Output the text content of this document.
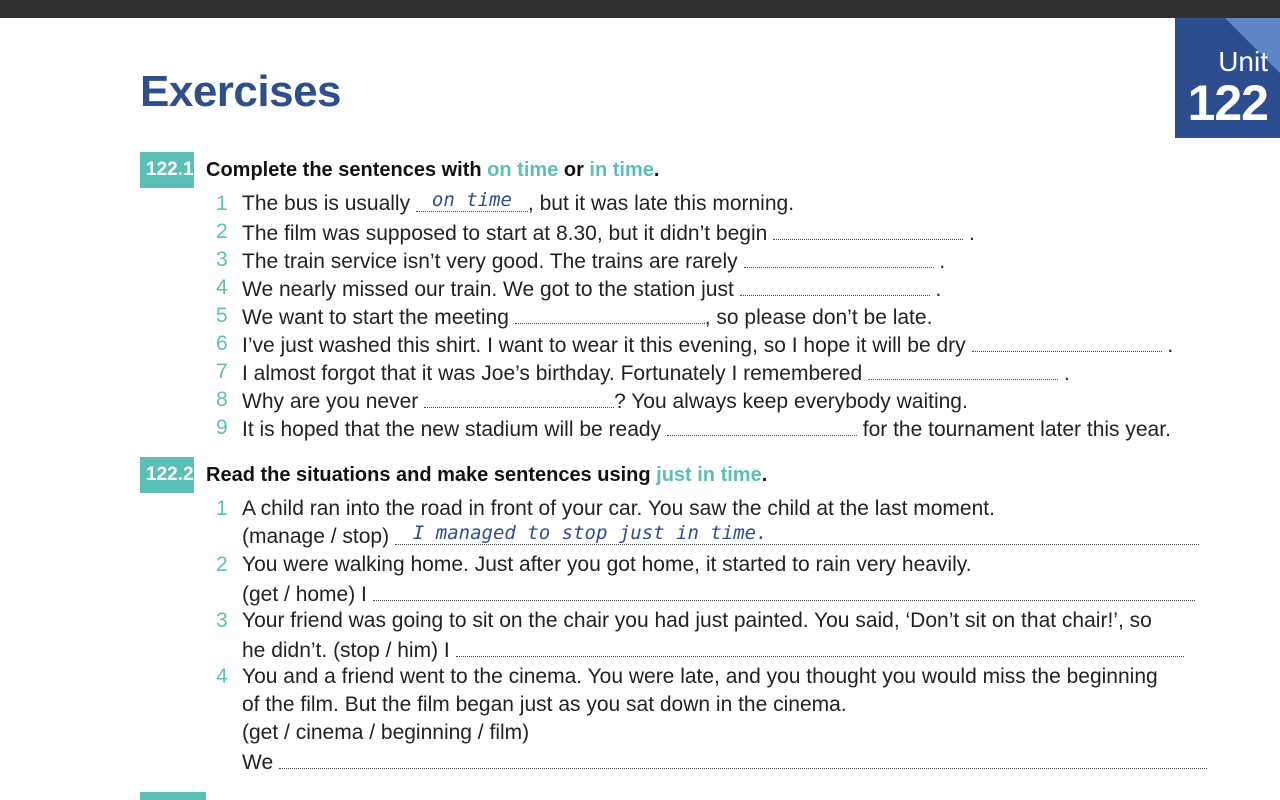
Unit
122
Exercises
122.1 Complete the sentences with on time or in time.
1 The bus is usually on time , but it was late this morning.
2 The film was supposed to start at 8.30, but it didn’t begin	.
3 The train service isn’t very good. The trains are rarely	.
4 We nearly missed our train. We got to the station just	.
5 We want to start the meeting	, so please don’t be late.
6 I’ve just washed this shirt. I want to wear it this evening, so I hope it will be dry	.
7 I almost forgot that it was Joe’s birthday. Fortunately I remembered	.
8 Why are you never	? You always keep everybody waiting.
9 It is hoped that the new stadium will be ready	for the tournament later this year.
122.2 Read the situations and make sentences using just in time.
1 A child ran into the road in front of your car. You saw the child at the last moment.
(manage / stop) I managed to stop just in time.
2 You were walking home. Just after you got home, it started to rain very heavily.
(get / home) I
3 Your friend was going to sit on the chair you had just painted. You said, ‘Don’t sit on that chair!’, so
he didn’t. (stop / him) I
4 You and a friend went to the cinema. You were late, and you thought you would miss the beginning
of the film. But the film began just as you sat down in the cinema.
(get / cinema / beginning / film)
We
